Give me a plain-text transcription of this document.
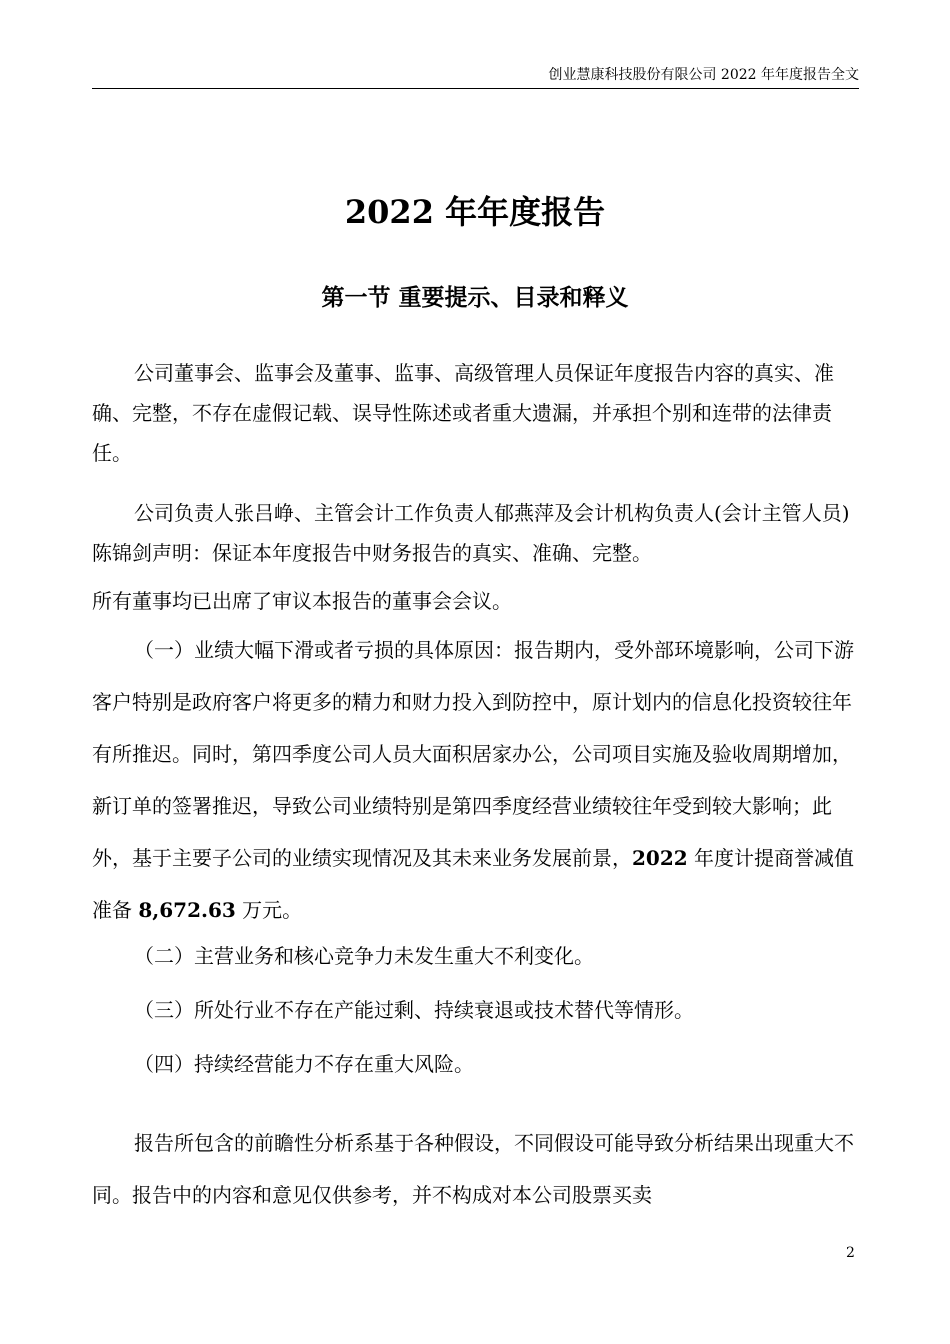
创业慧康科技股份有限公司 2022 年年度报告全文
2022 年年度报告
第一节 重要提示、目录和释义

公司董事会、监事会及董事、监事、高级管理人员保证年度报告内容的真实、准确、完整，不存在虚假记载、误导性陈述或者重大遗漏，并承担个别和连带的法律责任。

公司负责人张吕峥、主管会计工作负责人郁燕萍及会计机构负责人(会计主管人员)陈锦剑声明：保证本年度报告中财务报告的真实、准确、完整。

所有董事均已出席了审议本报告的董事会会议。

（一）业绩大幅下滑或者亏损的具体原因：报告期内，受外部环境影响，公司下游客户特别是政府客户将更多的精力和财力投入到防控中，原计划内的信息化投资较往年有所推迟。同时，第四季度公司人员大面积居家办公，公司项目实施及验收周期增加，新订单的签署推迟，导致公司业绩特别是第四季度经营业绩较往年受到较大影响；此外，基于主要子公司的业绩实现情况及其未来业务发展前景，2022 年度计提商誉减值准备 8,672.63 万元。

（二）主营业务和核心竞争力未发生重大不利变化。

（三）所处行业不存在产能过剩、持续衰退或技术替代等情形。

（四）持续经营能力不存在重大风险。

报告所包含的前瞻性分析系基于各种假设，不同假设可能导致分析结果出现重大不同。报告中的内容和意见仅供参考，并不构成对本公司股票买卖

2
